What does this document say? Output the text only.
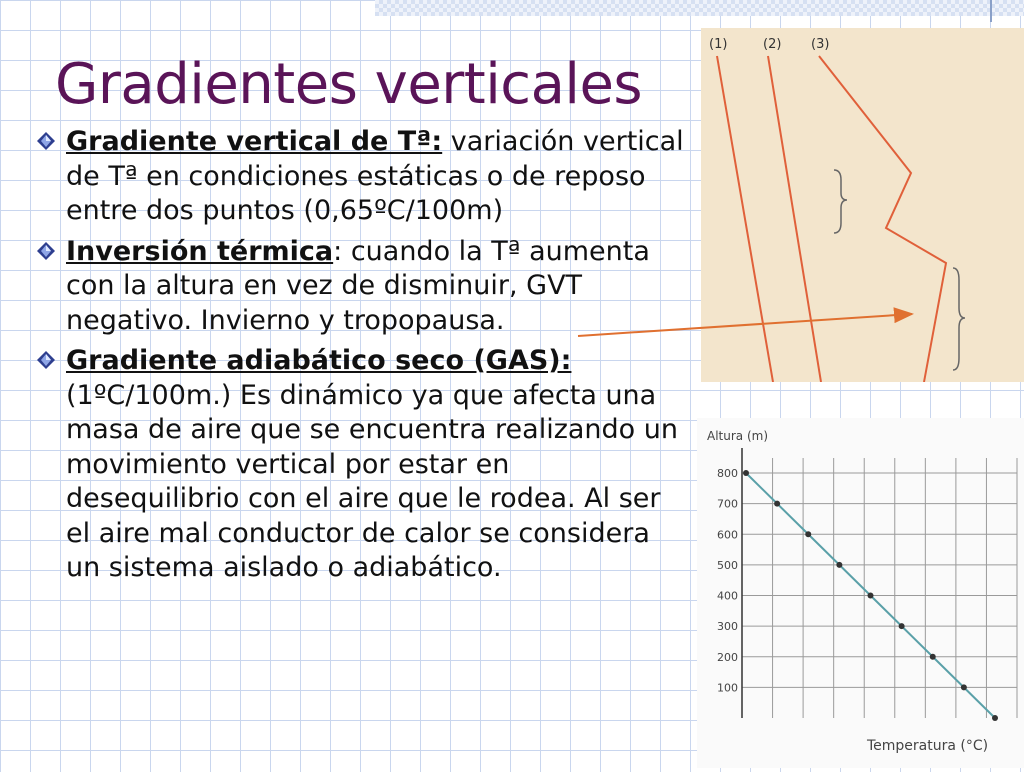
Gradientes verticales
Gradiente vertical de Tª: variación vertical de Tª en condiciones estáticas o de reposo entre dos puntos (0,65ºC/100m)
Inversión térmica: cuando la Tª aumenta con la altura en vez de disminuir, GVT negativo. Invierno y tropopausa.
Gradiente adiabático seco (GAS): (1ºC/100m.) Es dinámico ya que afecta una masa de aire que se encuentra realizando un movimiento vertical por estar en desequilibrio con el aire que le rodea. Al ser el aire mal conductor de calor se considera un sistema aislado o adiabático.
(1)	(2) (3)
Altura (m)
Temperatura (°C)
100
200
300
400
500
600
700
800
